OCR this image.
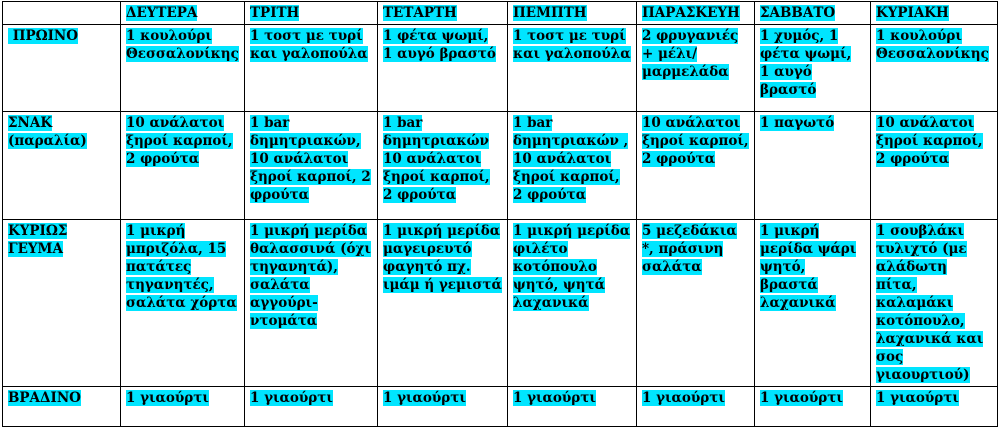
	ΔΕΥΤΕΡΑ	ΤΡΙΤΗ	ΤΕΤΑΡΤΗ	ΠΕΜΠΤΗ	ΠΑΡΑΣΚΕΥΗ	ΣΑΒΒΑΤΟ	ΚΥΡΙΑΚΗ
ΠΡΩΙΝΟ	1 κουλούρι Θεσσαλονίκης	1 τοστ με τυρί και γαλοπούλα	1 φέτα ψωμί, 1 αυγό βραστό	1 τοστ με τυρί και γαλοπούλα	2 φρυγανιές + μέλι/ μαρμελάδα	1 χυμός, 1 φέτα ψωμί, 1 αυγό βραστό	1 κουλούρι Θεσσαλονίκης
ΣΝΑΚ (παραλία)	10 ανάλατοι ξηροί καρποί, 2 φρούτα	1 bar δημητριακών, 10 ανάλατοι ξηροί καρποί, 2 φρούτα	1 bar δημητριακών 10 ανάλατοι ξηροί καρποί, 2 φρούτα	1 bar δημητριακών , 10 ανάλατοι ξηροί καρποί, 2 φρούτα	10 ανάλατοι ξηροί καρποί, 2 φρούτα	1 παγωτό	10 ανάλατοι ξηροί καρποί, 2 φρούτα
ΚΥΡΙΩΣ ΓΕΥΜΑ	1 μικρή μπριζόλα, 15 πατάτες τηγανητές, σαλάτα χόρτα	1 μικρή μερίδα θαλασσινά (όχι τηγανητά), σαλάτα αγγούρι-ντομάτα	1 μικρή μερίδα μαγειρευτό φαγητό πχ. ιμάμ ή γεμιστά	1 μικρή μερίδα φιλέτο κοτόπουλο ψητό, ψητά λαχανικά	5 μεζεδάκια *, πράσινη σαλάτα	1 μικρή μερίδα ψάρι ψητό, βραστά λαχανικά	1 σουβλάκι τυλιχτό (με αλάδωτη πίτα, καλαμάκι κοτόπουλο, λαχανικά και σος γιαουρτιού)
ΒΡΑΔΙΝΟ	1 γιαούρτι	1 γιαούρτι	1 γιαούρτι	1 γιαούρτι	1 γιαούρτι	1 γιαούρτι	1 γιαούρτι
